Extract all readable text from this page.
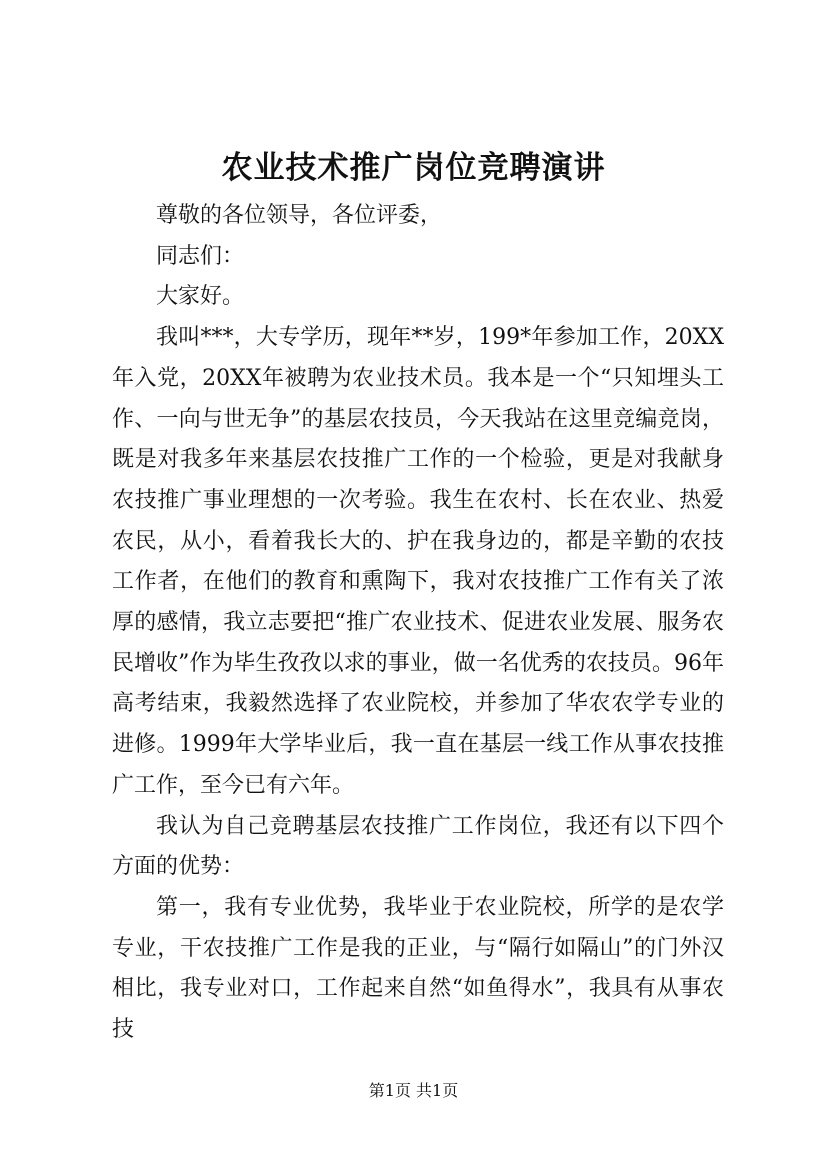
农业技术推广岗位竞聘演讲

尊敬的各位领导，各位评委，

同志们：

大家好。

我叫***，大专学历，现年**岁，199*年参加工作，20XX年入党，20XX年被聘为农业技术员。我本是一个“只知埋头工作、一向与世无争”的基层农技员，今天我站在这里竞编竞岗，既是对我多年来基层农技推广工作的一个检验，更是对我献身农技推广事业理想的一次考验。我生在农村、长在农业、热爱农民，从小，看着我长大的、护在我身边的，都是辛勤的农技工作者，在他们的教育和熏陶下，我对农技推广工作有关了浓厚的感情，我立志要把“推广农业技术、促进农业发展、服务农民增收”作为毕生孜孜以求的事业，做一名优秀的农技员。96年高考结束，我毅然选择了农业院校，并参加了华农农学专业的进修。1999年大学毕业后，我一直在基层一线工作从事农技推广工作，至今已有六年。

我认为自己竞聘基层农技推广工作岗位，我还有以下四个方面的优势：

第一，我有专业优势，我毕业于农业院校，所学的是农学专业，干农技推广工作是我的正业，与“隔行如隔山”的门外汉相比，我专业对口，工作起来自然“如鱼得水”，我具有从事农技

第1页 共1页
